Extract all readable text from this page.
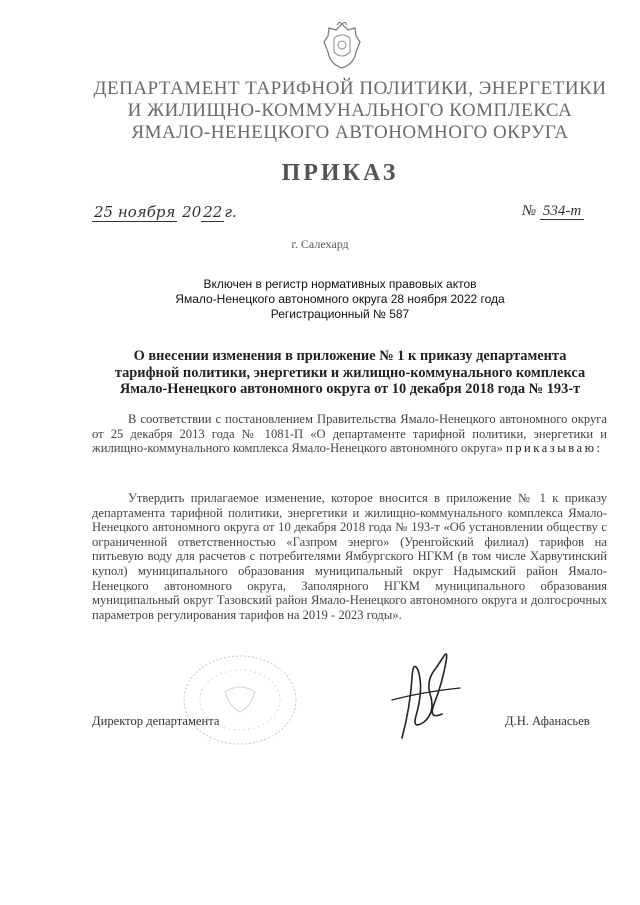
ДЕПАРТАМЕНТ ТАРИФНОЙ ПОЛИТИКИ, ЭНЕРГЕТИКИ
И ЖИЛИЩНО-КОММУНАЛЬНОГО КОМПЛЕКСА
ЯМАЛО-НЕНЕЦКОГО АВТОНОМНОГО ОКРУГА
ПРИКАЗ
25 ноября 20 22 г.	№ 534-т
г. Салехард
Включен в регистр нормативных правовых актов
Ямало-Ненецкого автономного округа 28 ноября 2022 года
Регистрационный № 587
О внесении изменения в приложение № 1 к приказу департамента
тарифной политики, энергетики и жилищно-коммунального комплекса
Ямало-Ненецкого автономного округа от 10 декабря 2018 года № 193-т
В соответствии с постановлением Правительства Ямало-Ненецкого автономного округа от 25 декабря 2013 года № 1081-П «О департаменте тарифной политики, энергетики и жилищно-коммунального комплекса Ямало-Ненецкого автономного округа» приказываю:
Утвердить прилагаемое изменение, которое вносится в приложение № 1 к приказу департамента тарифной политики, энергетики и жилищно-коммунального комплекса Ямало-Ненецкого автономного округа от 10 декабря 2018 года № 193-т «Об установлении обществу с ограниченной ответственностью «Газпром энерго» (Уренгойский филиал) тарифов на питьевую воду для расчетов с потребителями Ямбургского НГКМ (в том числе Харвутинский купол) муниципального образования муниципальный округ Надымский район Ямало-Ненецкого автономного округа, Заполярного НГКМ муниципального образования муниципальный округ Тазовский район Ямало-Ненецкого автономного округа и долгосрочных параметров регулирования тарифов на 2019 - 2023 годы».
Директор департамента	Д.Н. Афанасьев
